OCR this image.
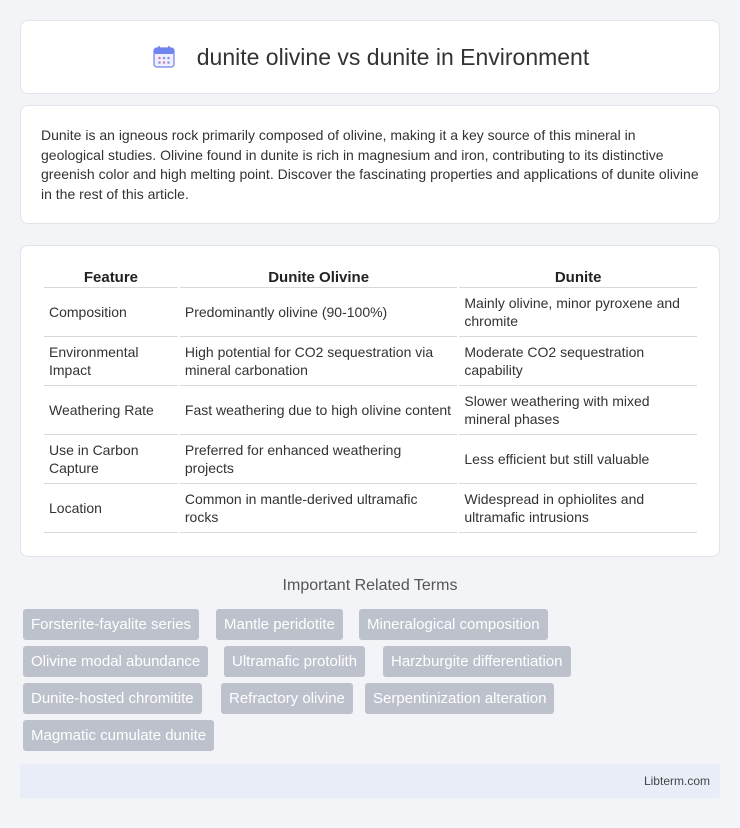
dunite olivine vs dunite in Environment

Dunite is an igneous rock primarily composed of olivine, making it a key source of this mineral in geological studies. Olivine found in dunite is rich in magnesium and iron, contributing to its distinctive greenish color and high melting point. Discover the fascinating properties and applications of dunite olivine in the rest of this article.

Feature	Dunite Olivine	Dunite
Composition	Predominantly olivine (90-100%)	Mainly olivine, minor pyroxene and chromite
Environmental Impact	High potential for CO2 sequestration via mineral carbonation	Moderate CO2 sequestration capability
Weathering Rate	Fast weathering due to high olivine content	Slower weathering with mixed mineral phases
Use in Carbon Capture	Preferred for enhanced weathering projects	Less efficient but still valuable
Location	Common in mantle-derived ultramafic rocks	Widespread in ophiolites and ultramafic intrusions
Important Related Terms
Forsterite-fayalite series	Mantle peridotite	Mineralogical composition
Olivine modal abundance	Ultramafic protolith	Harzburgite differentiation
Dunite-hosted chromitite	Refractory olivine	Serpentinization alteration
Magmatic cumulate dunite
Libterm.com
